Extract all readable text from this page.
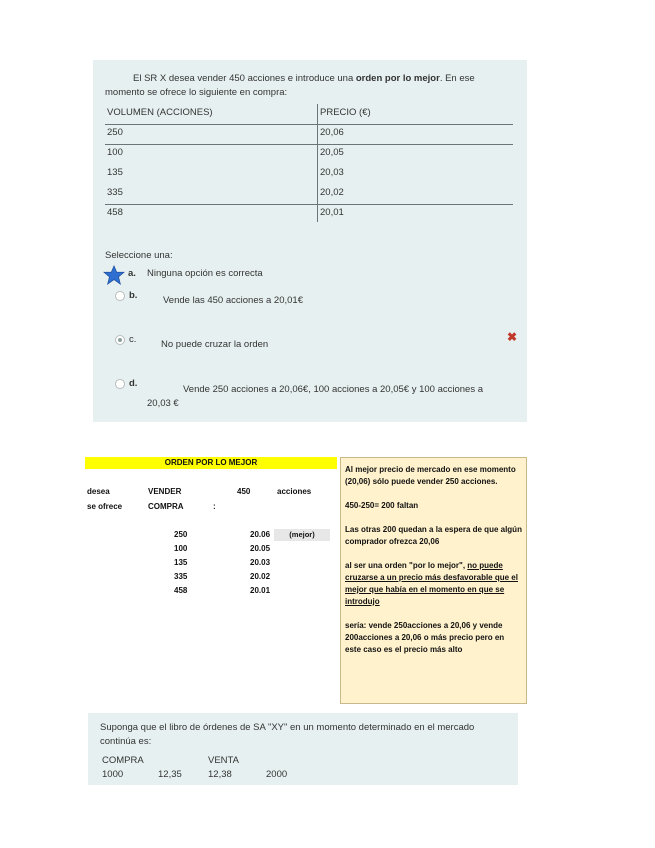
El SR X desea vender 450 acciones e introduce una orden por lo mejor. En ese momento se ofrece lo siguiente en compra:
VOLUMEN (ACCIONES)	PRECIO (€)
250	20,06
100	20,05
135	20,03
335	20,02
458	20,01
Seleccione una:
a. Ninguna opción es correcta
b.	Vende las 450 acciones a 20,01€
c.	No puede cruzar la orden
✖
d.
Vende 250 acciones a 20,06€, 100 acciones a 20,05€ y 100 acciones a
20,03 €
ORDEN POR LO MEJOR
desea	VENDER	450	acciones
se ofrece	COMPRA	:
250	20.06	(mejor)
100	20.05
135	20.03
335	20.02
458	20.01

Al mejor precio de mercado en ese momento (20,06) sólo puede vender 250 acciones.

450-250= 200 faltan

Las otras 200 quedan a la espera de que algún comprador ofrezca 20,06

al ser una orden "por lo mejor", no puede cruzarse a un precio más desfavorable que el mejor que había en el momento en que se introdujo

sería: vende 250acciones a 20,06 y vende 200acciones a 20,06 o más precio pero en este caso es el precio más alto

Suponga que el libro de órdenes de SA "XY" en un momento determinado en el mercado continúa es:
COMPRA	VENTA
1000	12,35	12,38	2000
